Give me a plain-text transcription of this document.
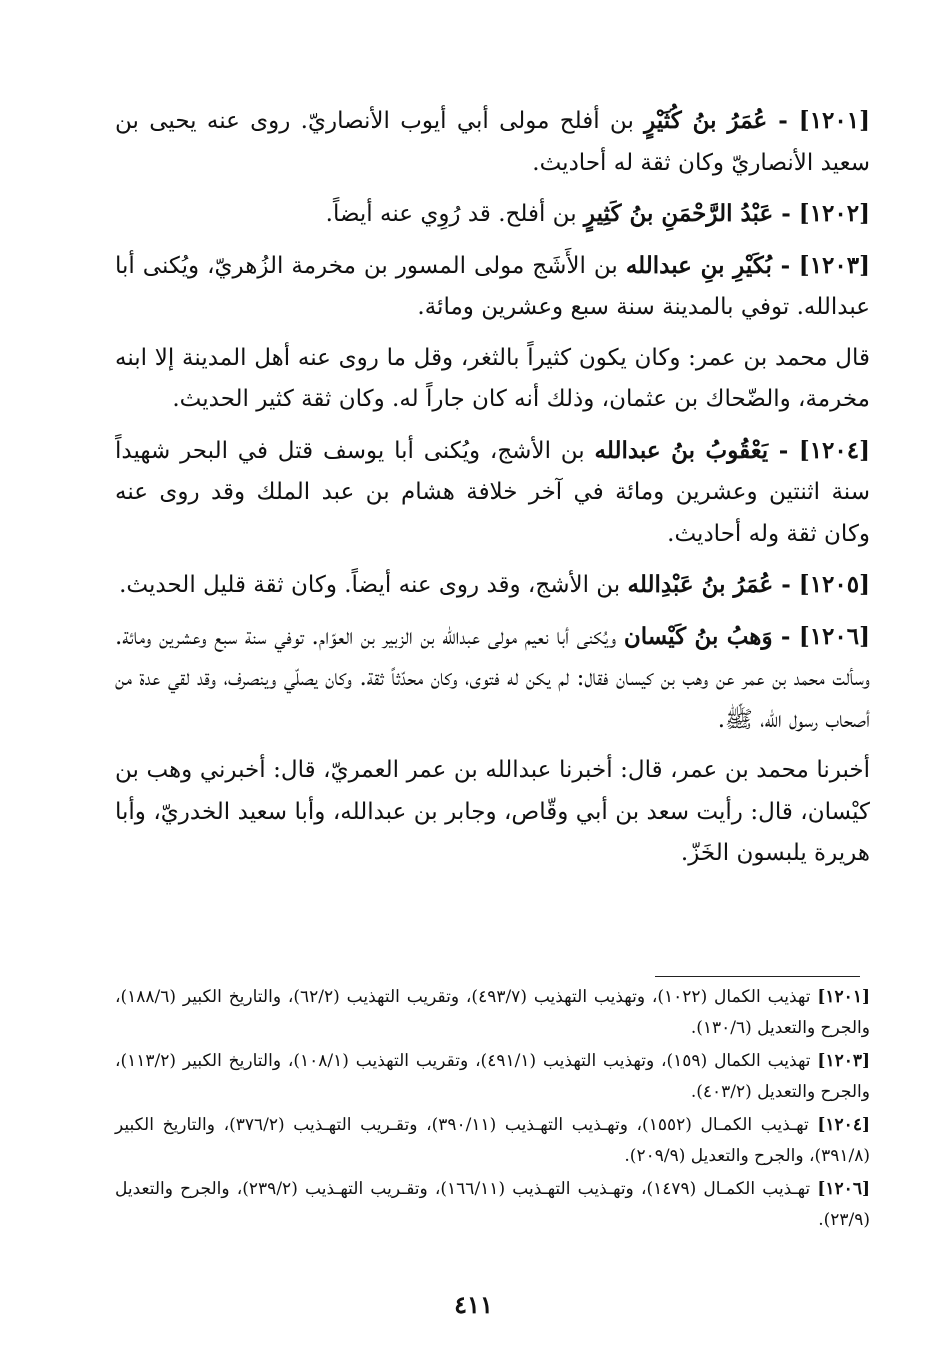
[١٢٠١] - عُمَرُ بنُ كُثَيْرٍ بن أفلح مولى أبي أيوب الأنصاريّ. روى عنه يحيى بن سعيد الأنصاريّ وكان ثقة له أحاديث.

[١٢٠٢] - عَبْدُ الرَّحْمَنِ بنُ كَثِيرٍ بن أفلح. قد رُوِي عنه أيضاً.

[١٢٠٣] - بُكَيْرِ بنِ عبدالله بن الأَشَج مولى المسور بن مخرمة الزُهريّ، ويُكنى أبا عبدالله. توفي بالمدينة سنة سبع وعشرين ومائة.

قال محمد بن عمر: وكان يكون كثيراً بالثغر، وقل ما روى عنه أهل المدينة إلا ابنه مخرمة، والضّحاك بن عثمان، وذلك أنه كان جاراً له. وكان ثقة كثير الحديث.

[١٢٠٤] - يَعْقُوبُ بنُ عبدالله بن الأشج، ويُكنى أبا يوسف قتل في البحر شهيداً سنة اثنتين وعشرين ومائة في آخر خلافة هشام بن عبد الملك وقد روى عنه وكان ثقة وله أحاديث.

[١٢٠٥] - عُمَرُ بنُ عَبْدِالله بن الأشج، وقد روى عنه أيضاً. وكان ثقة قليل الحديث.

[١٢٠٦] - وَهبُ بنُ كَيْسان ويُكنى أبا نعيم مولى عبدالله بن الزبير بن العوّام. توفي سنة سبع وعشرين ومائة. وسألت محمد بن عمر عن وهب بن كيسان فقال: لم يكن له فتوى، وكان محدّثاً ثقة. وكان يصلّي وينصرف، وقد لقي عدة من أصحاب رسول الله، ﷺ.

أخبرنا محمد بن عمر، قال: أخبرنا عبدالله بن عمر العمريّ، قال: أخبرني وهب بن كيْسان، قال: رأيت سعد بن أبي وقّاص، وجابر بن عبدالله، وأبا سعيد الخدريّ، وأبا هريرة يلبسون الخَزّ.

[١٢٠١] تهذيب الكمال (١٠٢٢)، وتهذيب التهذيب (٤٩٣/٧)، وتقريب التهذيب (٦٢/٢)، والتاريخ الكبير (١٨٨/٦)، والجرح والتعديل (١٣٠/٦).

[١٢٠٣] تهذيب الكمال (١٥٩)، وتهذيب التهذيب (٤٩١/١)، وتقريب التهذيب (١٠٨/١)، والتاريخ الكبير (١١٣/٢)، والجرح والتعديل (٤٠٣/٢).

[١٢٠٤] تهـذيب الكمـال (١٥٥٢)، وتهـذيب التهـذيب (٣٩٠/١١)، وتقـريب التهـذيب (٣٧٦/٢)، والتاريخ الكبير (٣٩١/٨)، والجرح والتعديل (٢٠٩/٩).

[١٢٠٦] تهـذيب الكمـال (١٤٧٩)، وتهـذيب التهـذيب (١٦٦/١١)، وتقـريب التهـذيب (٢٣٩/٢)، والجرح والتعديل (٢٣/٩).

٤١١
